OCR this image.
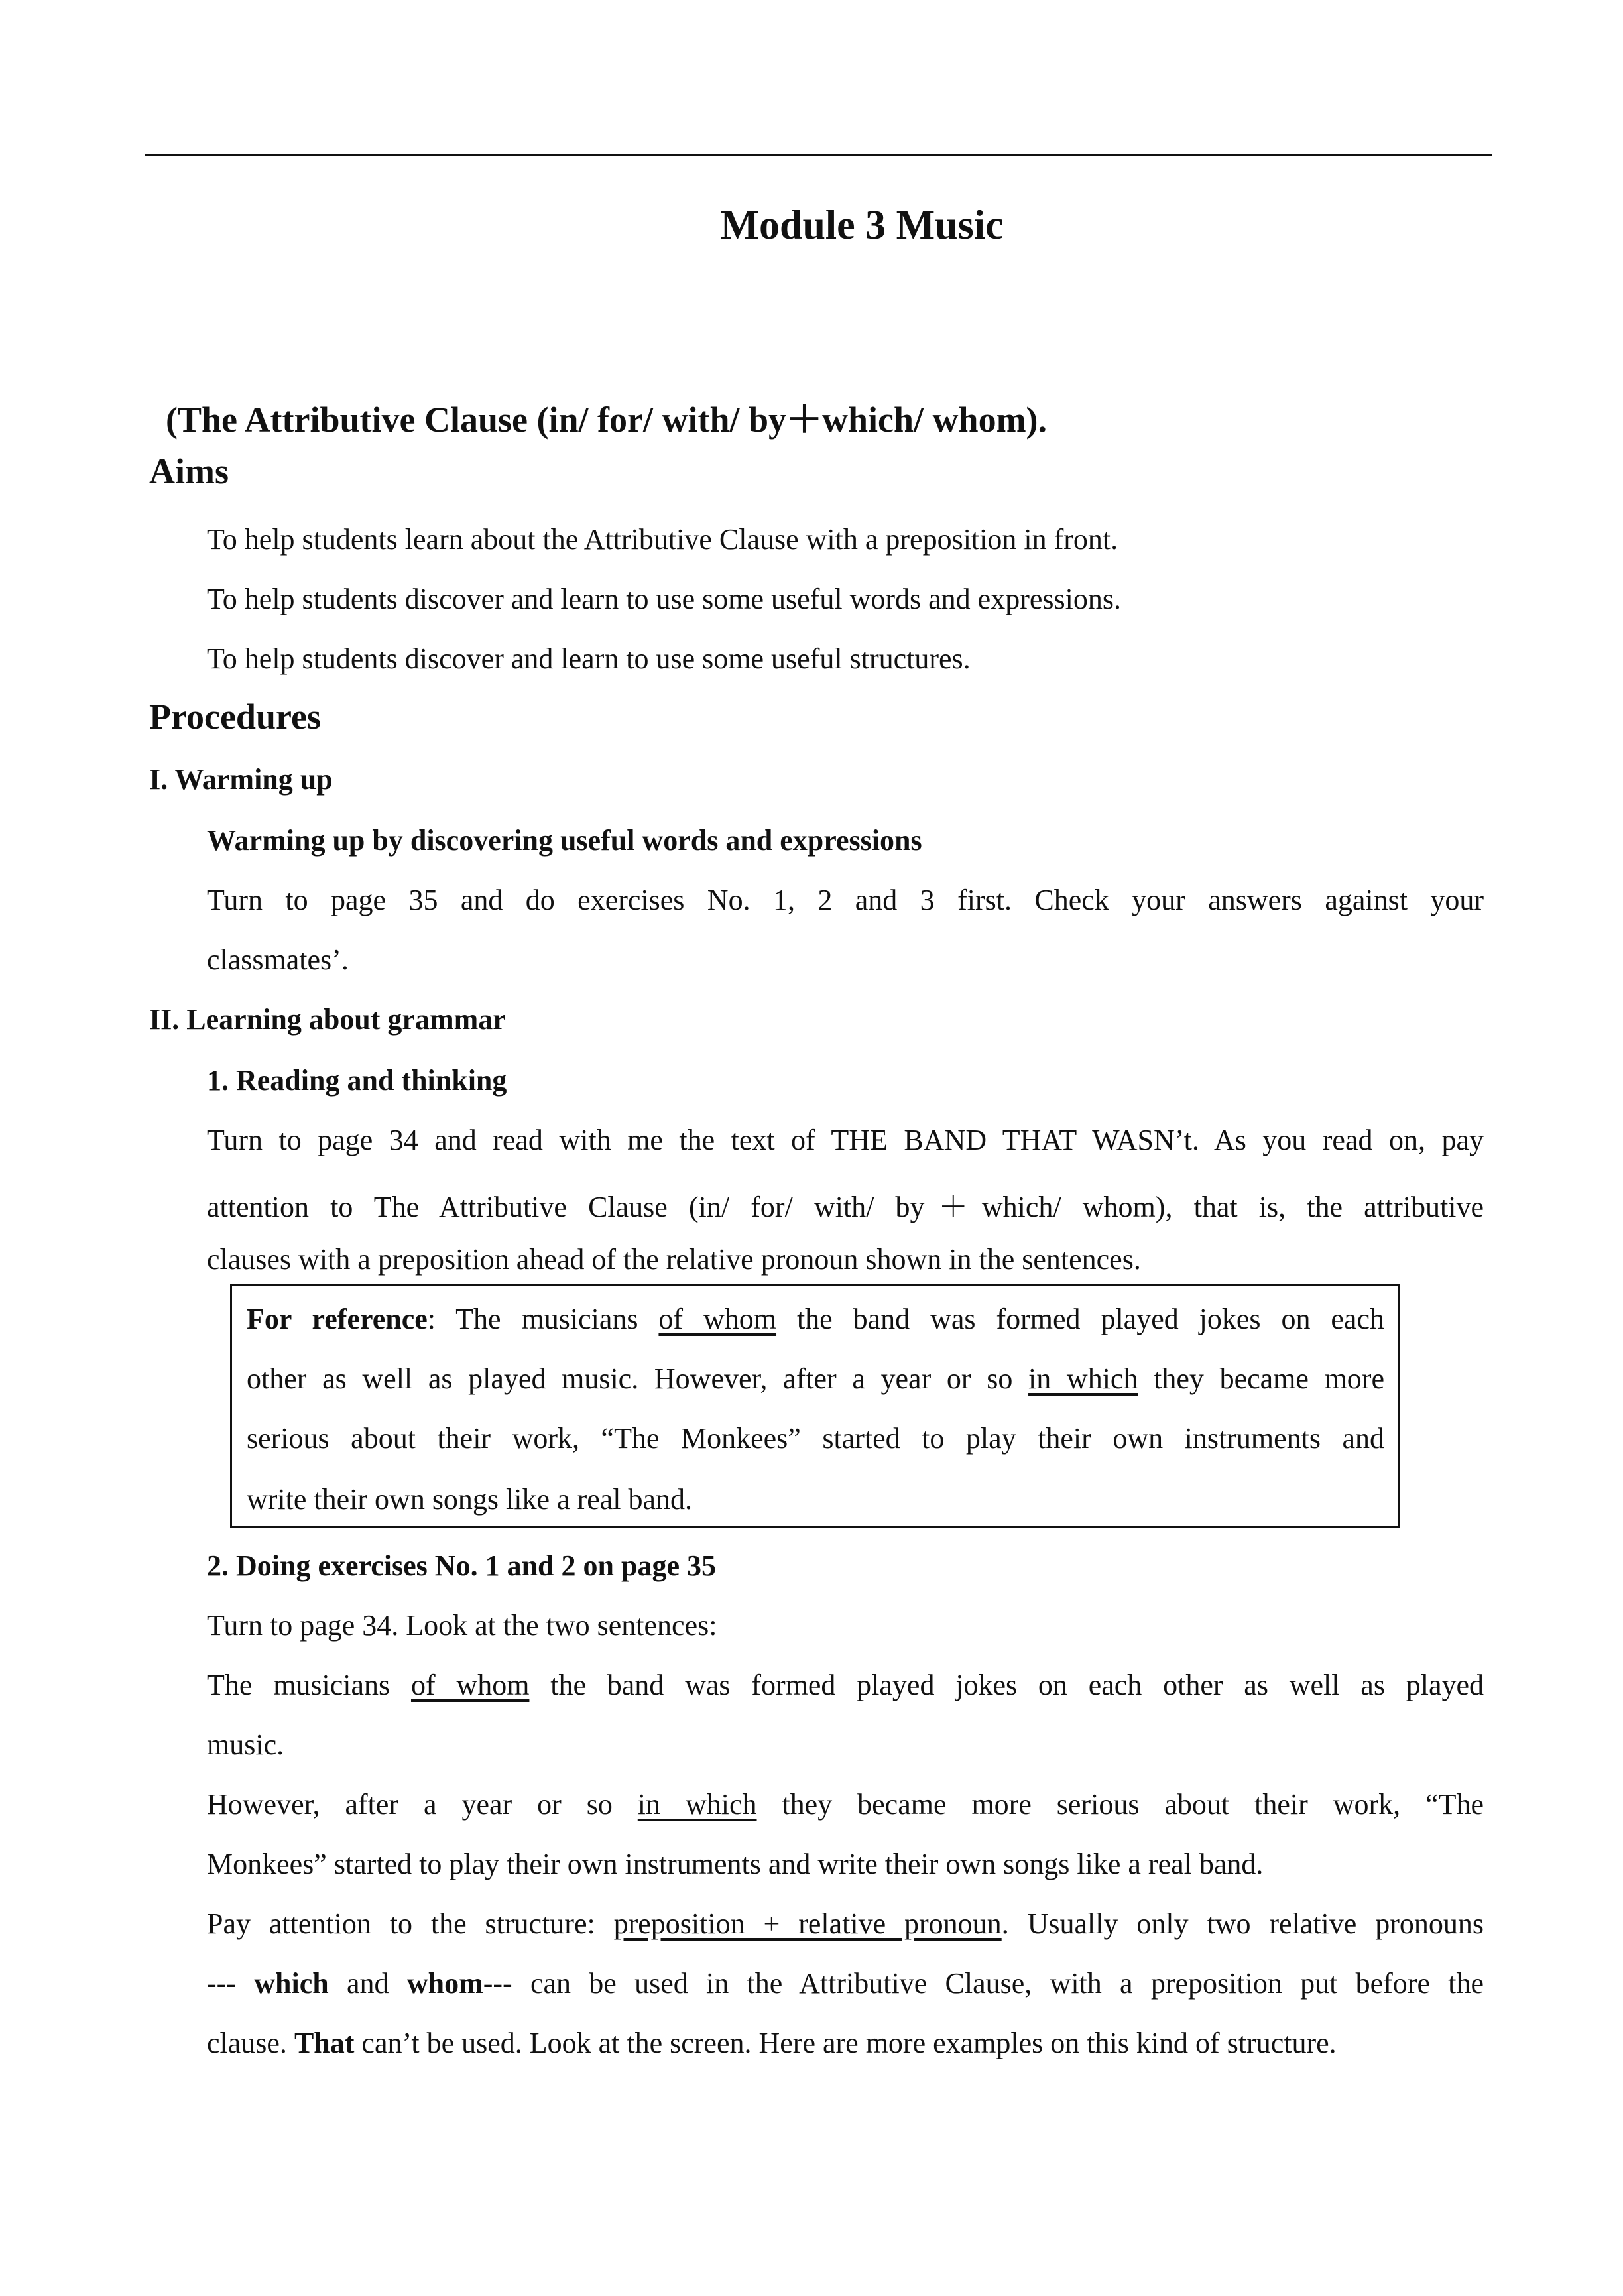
Module 3 Music

(The Attributive Clause (in/ for/ with/ by＋which/ whom).

Aims

To help students learn about the Attributive Clause with a preposition in front.

To help students discover and learn to use some useful words and expressions.

To help students discover and learn to use some useful structures.

Procedures
I. Warming up

Warming up by discovering useful words and expressions

Turn to page 35 and do exercises No. 1, 2 and 3 first. Check your answers against your

classmates’.

II. Learning about grammar

1. Reading and thinking

Turn to page 34 and read with me the text of THE BAND THAT WASN’t. As you read on, pay

attention to The Attributive Clause (in/ for/ with/ by＋which/ whom), that is, the attributive

clauses with a preposition ahead of the relative pronoun shown in the sentences.

For reference: The musicians of whom the band was formed played jokes on each

other as well as played music. However, after a year or so in which they became more

serious about their work, “The Monkees” started to play their own instruments and

write their own songs like a real band.

2. Doing exercises No. 1 and 2 on page 35

Turn to page 34. Look at the two sentences:

The musicians of whom the band was formed played jokes on each other as well as played

music.

However, after a year or so in which they became more serious about their work, “The

Monkees” started to play their own instruments and write their own songs like a real band.

Pay attention to the structure: preposition + relative pronoun. Usually only two relative pronouns

--- which and whom--- can be used in the Attributive Clause, with a preposition put before the

clause. That can’t be used. Look at the screen. Here are more examples on this kind of structure.
